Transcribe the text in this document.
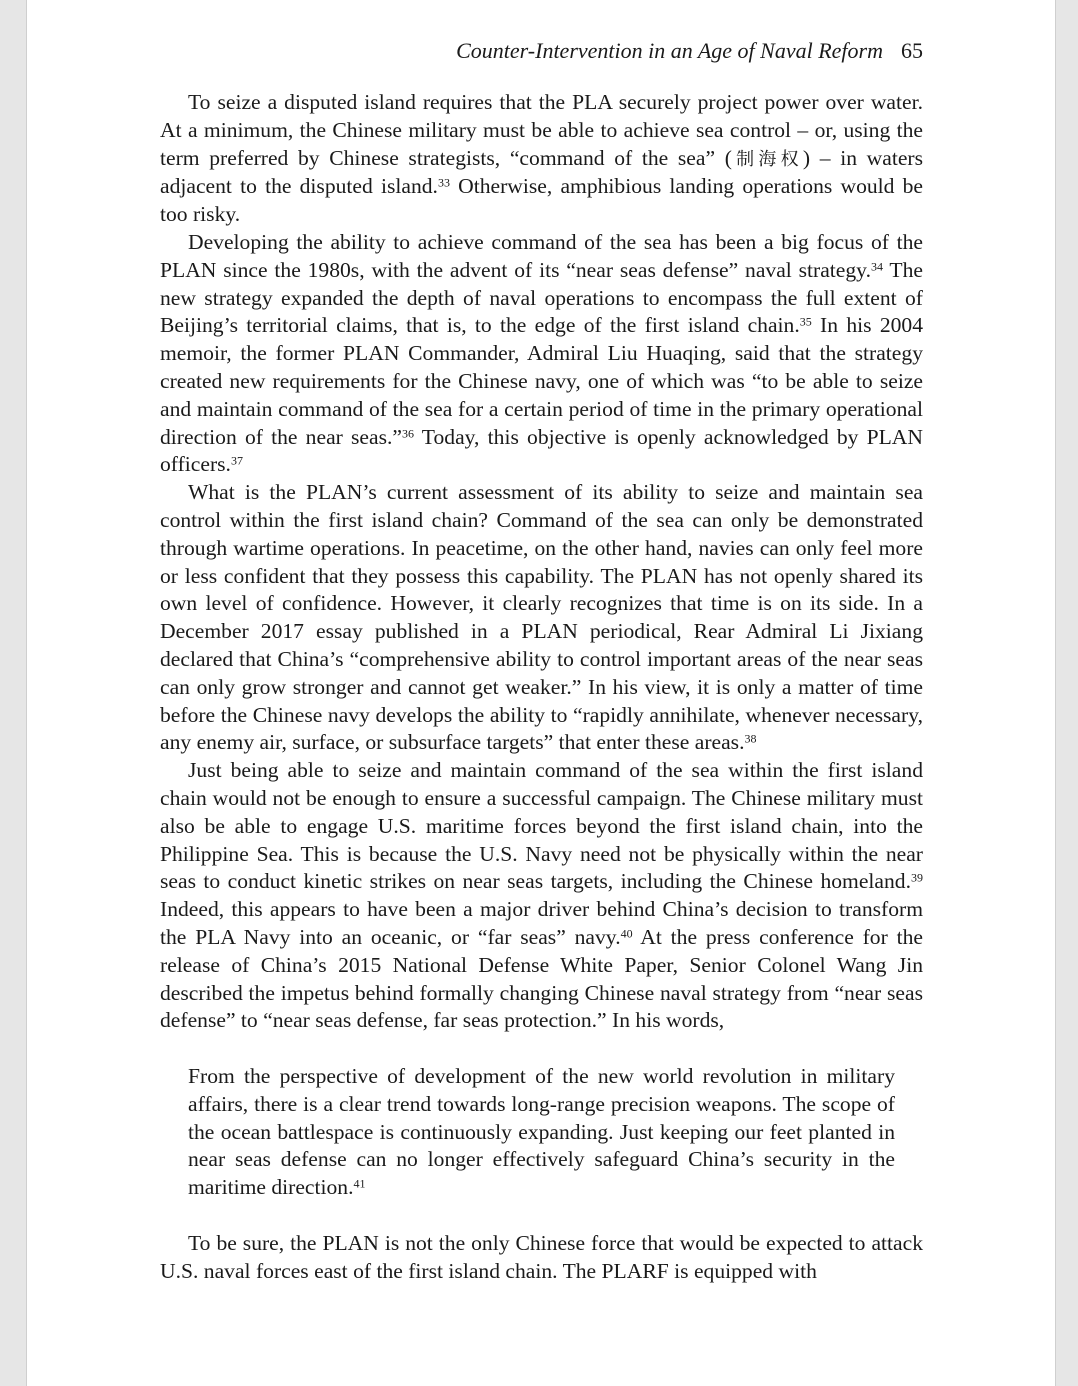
Counter-Intervention in an Age of Naval Reform 65

To seize a disputed island requires that the PLA securely project power over water. At a minimum, the Chinese military must be able to achieve sea control – or, using the term preferred by Chinese strategists, “command of the sea” (制海权) – in waters adjacent to the disputed island.$^{33}$ Otherwise, amphibious landing operations would be too risky.

Developing the ability to achieve command of the sea has been a big focus of the PLAN since the 1980s, with the advent of its “near seas defense” naval strategy.$^{34}$ The new strategy expanded the depth of naval operations to encompass the full extent of Beijing’s territorial claims, that is, to the edge of the first island chain.$^{35}$ In his 2004 memoir, the former PLAN Commander, Admiral Liu Huaqing, said that the strategy created new requirements for the Chinese navy, one of which was “to be able to seize and maintain command of the sea for a certain period of time in the primary operational direction of the near seas.”$^{36}$ Today, this objective is openly acknowledged by PLAN officers.$^{37}$

What is the PLAN’s current assessment of its ability to seize and maintain sea control within the first island chain? Command of the sea can only be demonstrated through wartime operations. In peacetime, on the other hand, navies can only feel more or less confident that they possess this capability. The PLAN has not openly shared its own level of confidence. However, it clearly recognizes that time is on its side. In a December 2017 essay published in a PLAN periodical, Rear Admiral Li Jixiang declared that China’s “comprehensive ability to control important areas of the near seas can only grow stronger and cannot get weaker.” In his view, it is only a matter of time before the Chinese navy develops the ability to “rapidly annihilate, whenever necessary, any enemy air, surface, or subsurface targets” that enter these areas.$^{38}$

Just being able to seize and maintain command of the sea within the first island chain would not be enough to ensure a successful campaign. The Chinese military must also be able to engage U.S. maritime forces beyond the first island chain, into the Philippine Sea. This is because the U.S. Navy need not be physically within the near seas to conduct kinetic strikes on near seas targets, including the Chinese homeland.$^{39}$ Indeed, this appears to have been a major driver behind China’s decision to transform the PLA Navy into an oceanic, or “far seas” navy.$^{40}$ At the press conference for the release of China’s 2015 National Defense White Paper, Senior Colonel Wang Jin described the impetus behind formally changing Chinese naval strategy from “near seas defense” to “near seas defense, far seas protection.” In his words,

From the perspective of development of the new world revolution in military affairs, there is a clear trend towards long-range precision weapons. The scope of the ocean battlespace is continuously expanding. Just keeping our feet planted in near seas defense can no longer effectively safeguard China’s security in the maritime direction.$^{41}$

To be sure, the PLAN is not the only Chinese force that would be expected to attack U.S. naval forces east of the first island chain. The PLARF is equipped with
